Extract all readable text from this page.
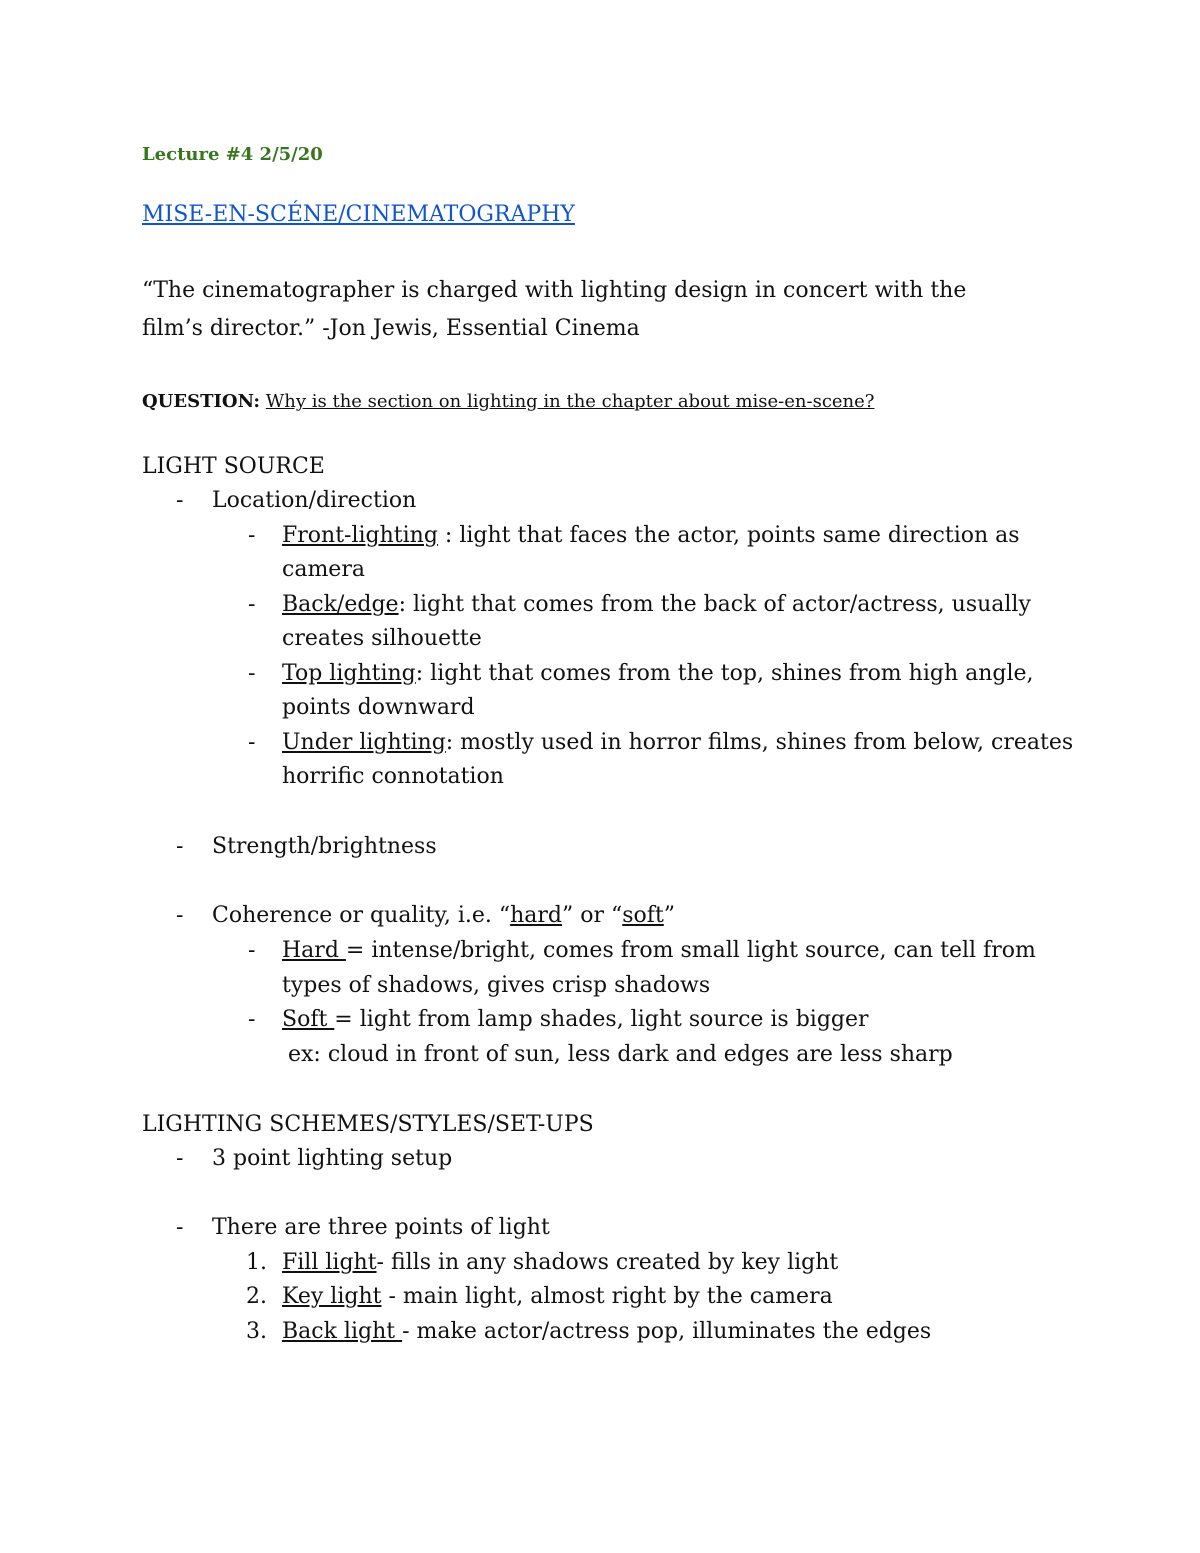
Lecture #4 2/5/20
MISE-EN-SCÉNE/CINEMATOGRAPHY
“The cinematographer is charged with lighting design in concert with the
film’s director.” -Jon Jewis, Essential Cinema
QUESTION: Why is the section on lighting in the chapter about mise-en-scene?
LIGHT SOURCE
- Location/direction
- Front-lighting : light that faces the actor, points same direction as
camera
- Back/edge: light that comes from the back of actor/actress, usually
creates silhouette
- Top lighting: light that comes from the top, shines from high angle,
points downward
- Under lighting: mostly used in horror films, shines from below, creates
horrific connotation
- Strength/brightness
- Coherence or quality, i.e. “hard” or “soft”
- Hard = intense/bright, comes from small light source, can tell from
types of shadows, gives crisp shadows
- Soft = light from lamp shades, light source is bigger
ex: cloud in front of sun, less dark and edges are less sharp
LIGHTING SCHEMES/STYLES/SET-UPS
- 3 point lighting setup
- There are three points of light
1. Fill light- fills in any shadows created by key light
2. Key light - main light, almost right by the camera
3. Back light - make actor/actress pop, illuminates the edges
